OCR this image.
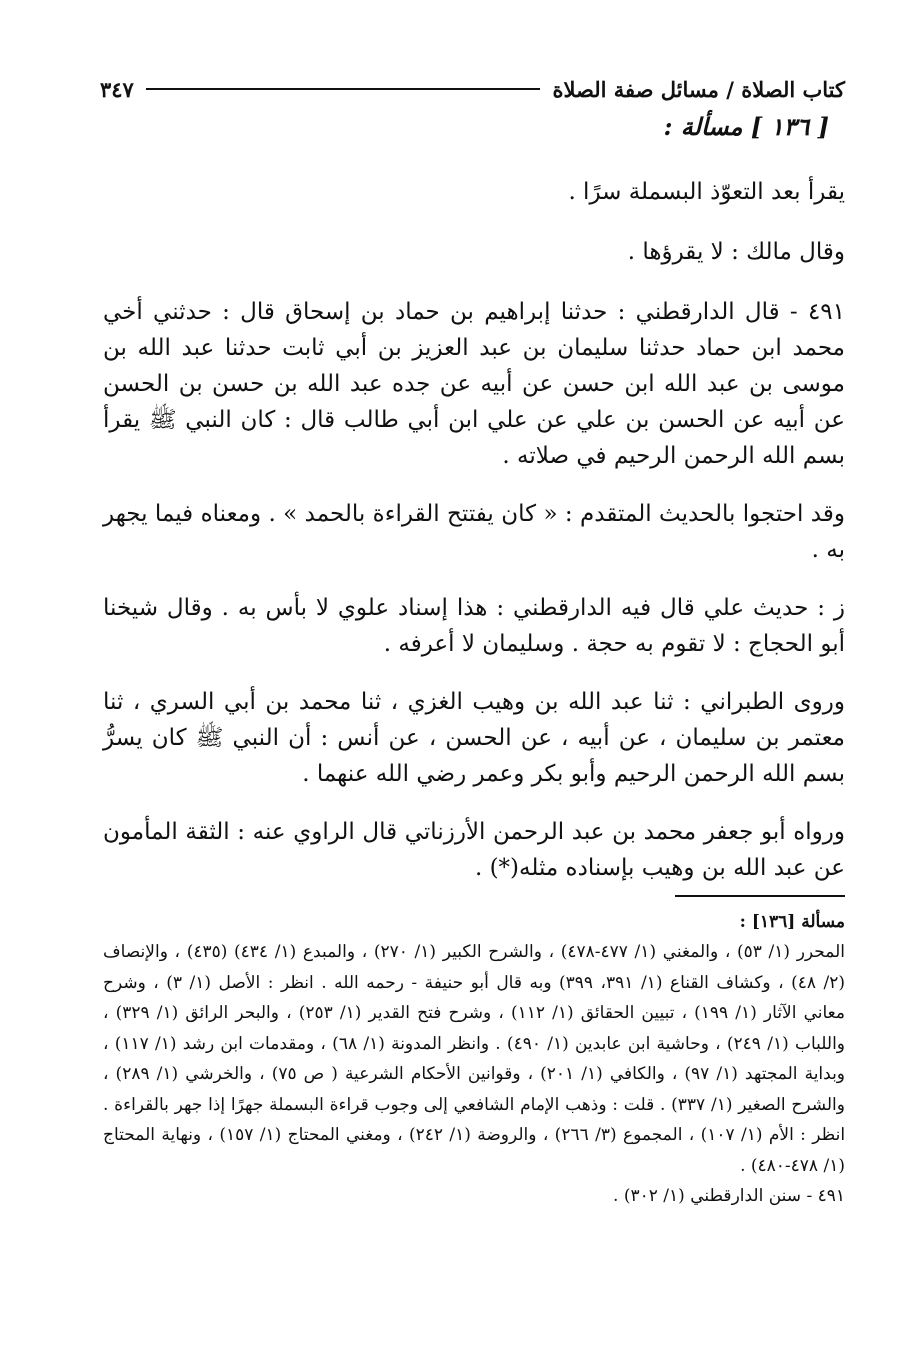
كتاب الصلاة / مسائل صفة الصلاة
٣٤٧
[ ١٣٦ ] مسألة :

يقرأ بعد التعوّذ البسملة سرًا .

وقال مالك : لا يقرؤها .

٤٩١ - قال الدارقطني : حدثنا إبراهيم بن حماد بن إسحاق قال : حدثني أخي محمد ابن حماد حدثنا سليمان بن عبد العزيز بن أبي ثابت حدثنا عبد الله بن موسى بن عبد الله ابن حسن عن أبيه عن جده عبد الله بن حسن بن الحسن عن أبيه عن الحسن بن علي عن علي ابن أبي طالب قال : كان النبي ﷺ يقرأ بسم الله الرحمن الرحيم في صلاته .

وقد احتجوا بالحديث المتقدم : « كان يفتتح القراءة بالحمد » . ومعناه فيما يجهر به .

ز : حديث علي قال فيه الدارقطني : هذا إسناد علوي لا بأس به . وقال شيخنا أبو الحجاج : لا تقوم به حجة . وسليمان لا أعرفه .

وروى الطبراني : ثنا عبد الله بن وهيب الغزي ، ثنا محمد بن أبي السري ، ثنا معتمر بن سليمان ، عن أبيه ، عن الحسن ، عن أنس : أن النبي ﷺ كان يسرُّ بسم الله الرحمن الرحيم وأبو بكر وعمر رضي الله عنهما .

ورواه أبو جعفر محمد بن عبد الرحمن الأرزناتي قال الراوي عنه : الثقة المأمون عن عبد الله بن وهيب بإسناده مثله(*) .

مسألة [١٣٦] :

المحرر (١/ ٥٣) ، والمغني (١/ ٤٧٧-٤٧٨) ، والشرح الكبير (١/ ٢٧٠) ، والمبدع (١/ ٤٣٤) (٤٣٥) ، والإنصاف (٢/ ٤٨) ، وكشاف القناع (١/ ٣٩١، ٣٩٩) وبه قال أبو حنيفة - رحمه الله . انظر : الأصل (١/ ٣) ، وشرح معاني الآثار (١/ ١٩٩) ، تبيين الحقائق (١/ ١١٢) ، وشرح فتح القدير (١/ ٢٥٣) ، والبحر الرائق (١/ ٣٢٩) ، واللباب (١/ ٢٤٩) ، وحاشية ابن عابدين (١/ ٤٩٠) . وانظر المدونة (١/ ٦٨) ، ومقدمات ابن رشد (١/ ١١٧) ، وبداية المجتهد (١/ ٩٧) ، والكافي (١/ ٢٠١) ، وقوانين الأحكام الشرعية ( ص ٧٥) ، والخرشي (١/ ٢٨٩) ، والشرح الصغير (١/ ٣٣٧) . قلت : وذهب الإمام الشافعي إلى وجوب قراءة البسملة جهرًا إذا جهر بالقراءة . انظر : الأم (١/ ١٠٧) ، المجموع (٣/ ٢٦٦) ، والروضة (١/ ٢٤٢) ، ومغني المحتاج (١/ ١٥٧) ، ونهاية المحتاج (١/ ٤٧٨-٤٨٠) .

٤٩١ - سنن الدارقطني (١/ ٣٠٢) .
